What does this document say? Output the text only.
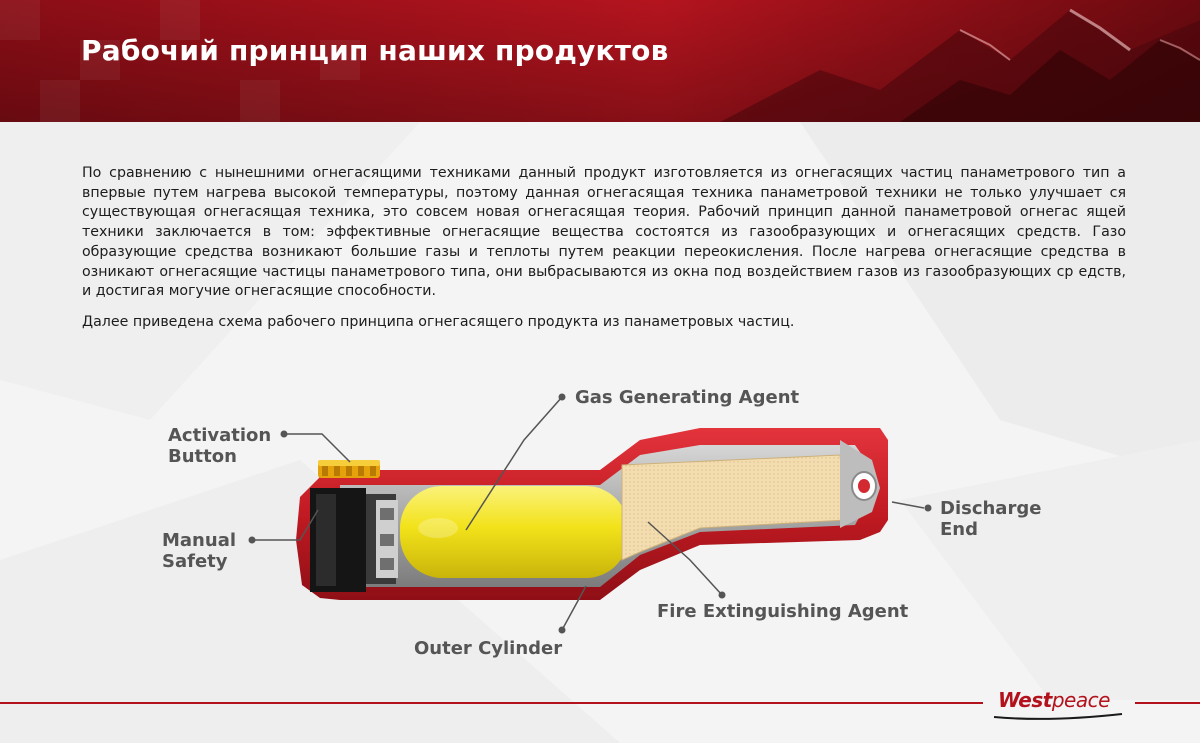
Рабочий принцип наших продуктов

По сравнению с нынешними огнегасящими техниками данный продукт изготовляется из огнегасящих частиц панаметрового тип а впервые путем нагрева высокой температуры, поэтому данная огнегасящая техника панаметровой техники не только улучшает ся существующая огнегасящая техника, это совсем новая огнегасящая теория. Рабочий принцип данной панаметровой огнегас ящей техники заключается в том: эффективные огнегасящие вещества состоятся из газообразующих и огнегасящих средств. Газо образующие средства возникают большие газы и теплоты путем реакции переокисления. После нагрева огнегасящие средства в озникают огнегасящие частицы панаметрового типа, они выбрасываются из окна под воздействием газов из газообразующих ср едств, и достигая могучие огнегасящие способности.

Далее приведена схема рабочего принципа огнегасящего продукта из панаметровых частиц.

Activation
Button
Manual
Safety
Gas Generating Agent
Discharge
End
Fire Extinguishing Agent
Outer Cylinder
Westpeace
